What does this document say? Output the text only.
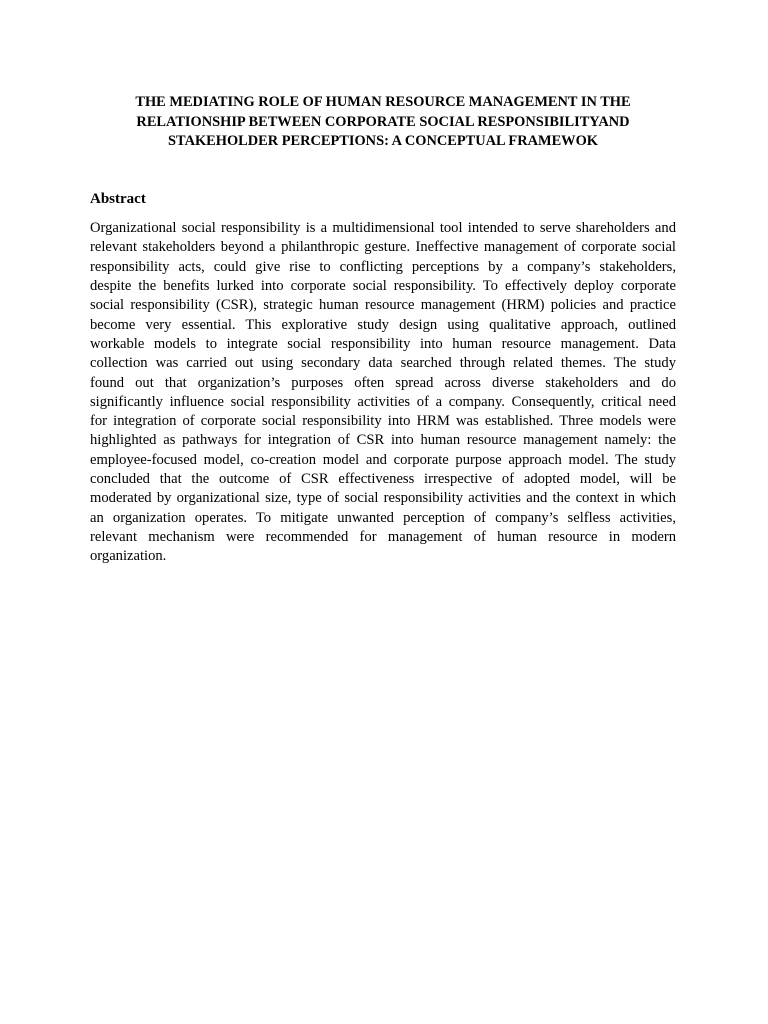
THE MEDIATING ROLE OF HUMAN RESOURCE MANAGEMENT IN THE
RELATIONSHIP BETWEEN CORPORATE SOCIAL RESPONSIBILITYAND
STAKEHOLDER PERCEPTIONS: A CONCEPTUAL FRAMEWOK
Abstract

Organizational social responsibility is a multidimensional tool intended to serve shareholders and
relevant stakeholders beyond a philanthropic gesture. Ineffective management of corporate social
responsibility acts, could give rise to conflicting perceptions by a company’s stakeholders,
despite the benefits lurked into corporate social responsibility. To effectively deploy corporate
social responsibility (CSR), strategic human resource management (HRM) policies and practice
become very essential. This explorative study design using qualitative approach, outlined
workable models to integrate social responsibility into human resource management. Data
collection was carried out using secondary data searched through related themes. The study
found out that organization’s purposes often spread across diverse stakeholders and do
significantly influence social responsibility activities of a company. Consequently, critical need
for integration of corporate social responsibility into HRM was established. Three models were
highlighted as pathways for integration of CSR into human resource management namely: the
employee-focused model, co-creation model and corporate purpose approach model. The study
concluded that the outcome of CSR effectiveness irrespective of adopted model, will be
moderated by organizational size, type of social responsibility activities and the context in which
an organization operates. To mitigate unwanted perception of company’s selfless activities,
relevant mechanism were recommended for management of human resource in modern
organization.
